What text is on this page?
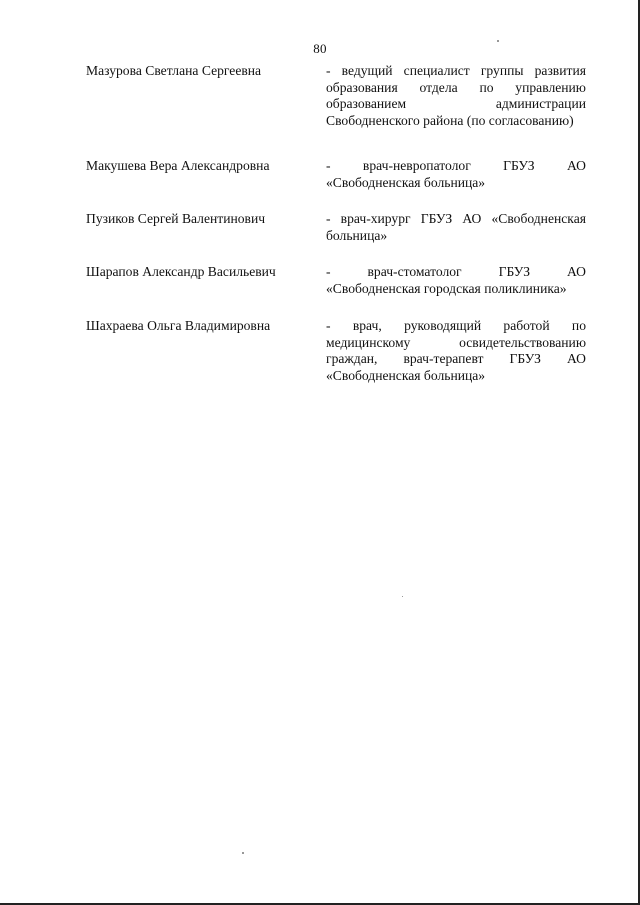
80
Мазурова Светлана Сергеевна	- ведущий специалист группы развития
образования отдела по управлению
образованием	администрации
Свободненского района (по согласованию)
Макушева Вера Александровна	- врач-невропатолог ГБУЗ АО
«Свободненская больница»
Пузиков Сергей Валентинович	- врач-хирург ГБУЗ АО «Свободненская
больница»
Шарапов Александр Васильевич	-	врач-стоматолог	ГБУЗ	АО
«Свободненская городская поликлиника»
Шахраева Ольга Владимировна	- врач, руководящий работой по
медицинскому	освидетельствованию
граждан, врач-терапевт ГБУЗ АО
«Свободненская больница»
